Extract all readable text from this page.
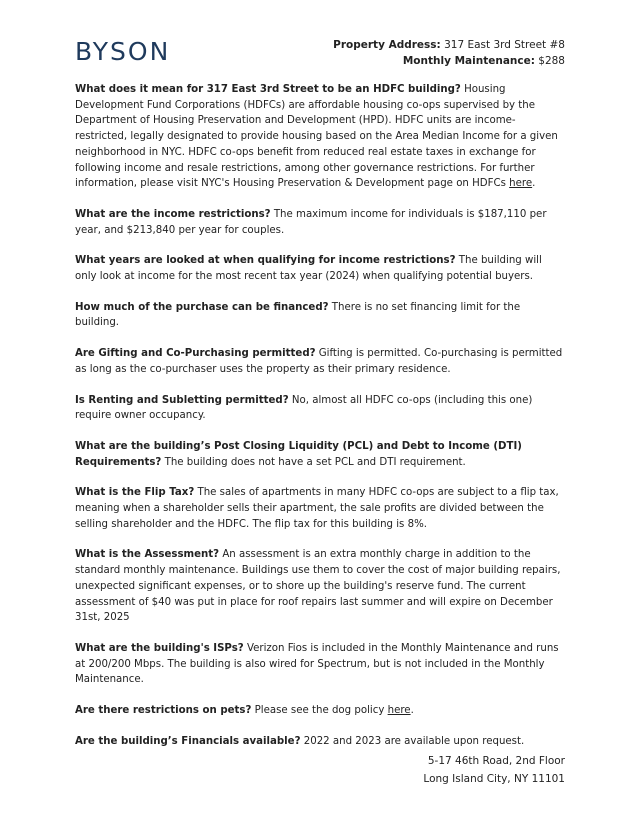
BYSON	Property Address: 317 East 3rd Street #8
Monthly Maintenance: $288

What does it mean for 317 East 3rd Street to be an HDFC building? Housing Development Fund Corporations (HDFCs) are affordable housing co-ops supervised by the Department of Housing Preservation and Development (HPD). HDFC units are income-restricted, legally designated to provide housing based on the Area Median Income for a given neighborhood in NYC. HDFC co-ops benefit from reduced real estate taxes in exchange for following income and resale restrictions, among other governance restrictions. For further information, please visit NYC's Housing Preservation & Development page on HDFCs here.

What are the income restrictions? The maximum income for individuals is $187,110 per year, and $213,840 per year for couples.

What years are looked at when qualifying for income restrictions? The building will only look at income for the most recent tax year (2024) when qualifying potential buyers.

How much of the purchase can be financed? There is no set financing limit for the building.

Are Gifting and Co-Purchasing permitted? Gifting is permitted. Co-purchasing is permitted as long as the co-purchaser uses the property as their primary residence.

Is Renting and Subletting permitted? No, almost all HDFC co-ops (including this one) require owner occupancy.

What are the building’s Post Closing Liquidity (PCL) and Debt to Income (DTI) Requirements? The building does not have a set PCL and DTI requirement.

What is the Flip Tax? The sales of apartments in many HDFC co-ops are subject to a flip tax, meaning when a shareholder sells their apartment, the sale profits are divided between the selling shareholder and the HDFC. The flip tax for this building is 8%.

What is the Assessment? An assessment is an extra monthly charge in addition to the standard monthly maintenance. Buildings use them to cover the cost of major building repairs, unexpected significant expenses, or to shore up the building's reserve fund. The current assessment of $40 was put in place for roof repairs last summer and will expire on December 31st, 2025

What are the building's ISPs? Verizon Fios is included in the Monthly Maintenance and runs at 200/200 Mbps. The building is also wired for Spectrum, but is not included in the Monthly Maintenance.

Are there restrictions on pets? Please see the dog policy here.

Are the building’s Financials available? 2022 and 2023 are available upon request.

5-17 46th Road, 2nd Floor
Long Island City, NY 11101
